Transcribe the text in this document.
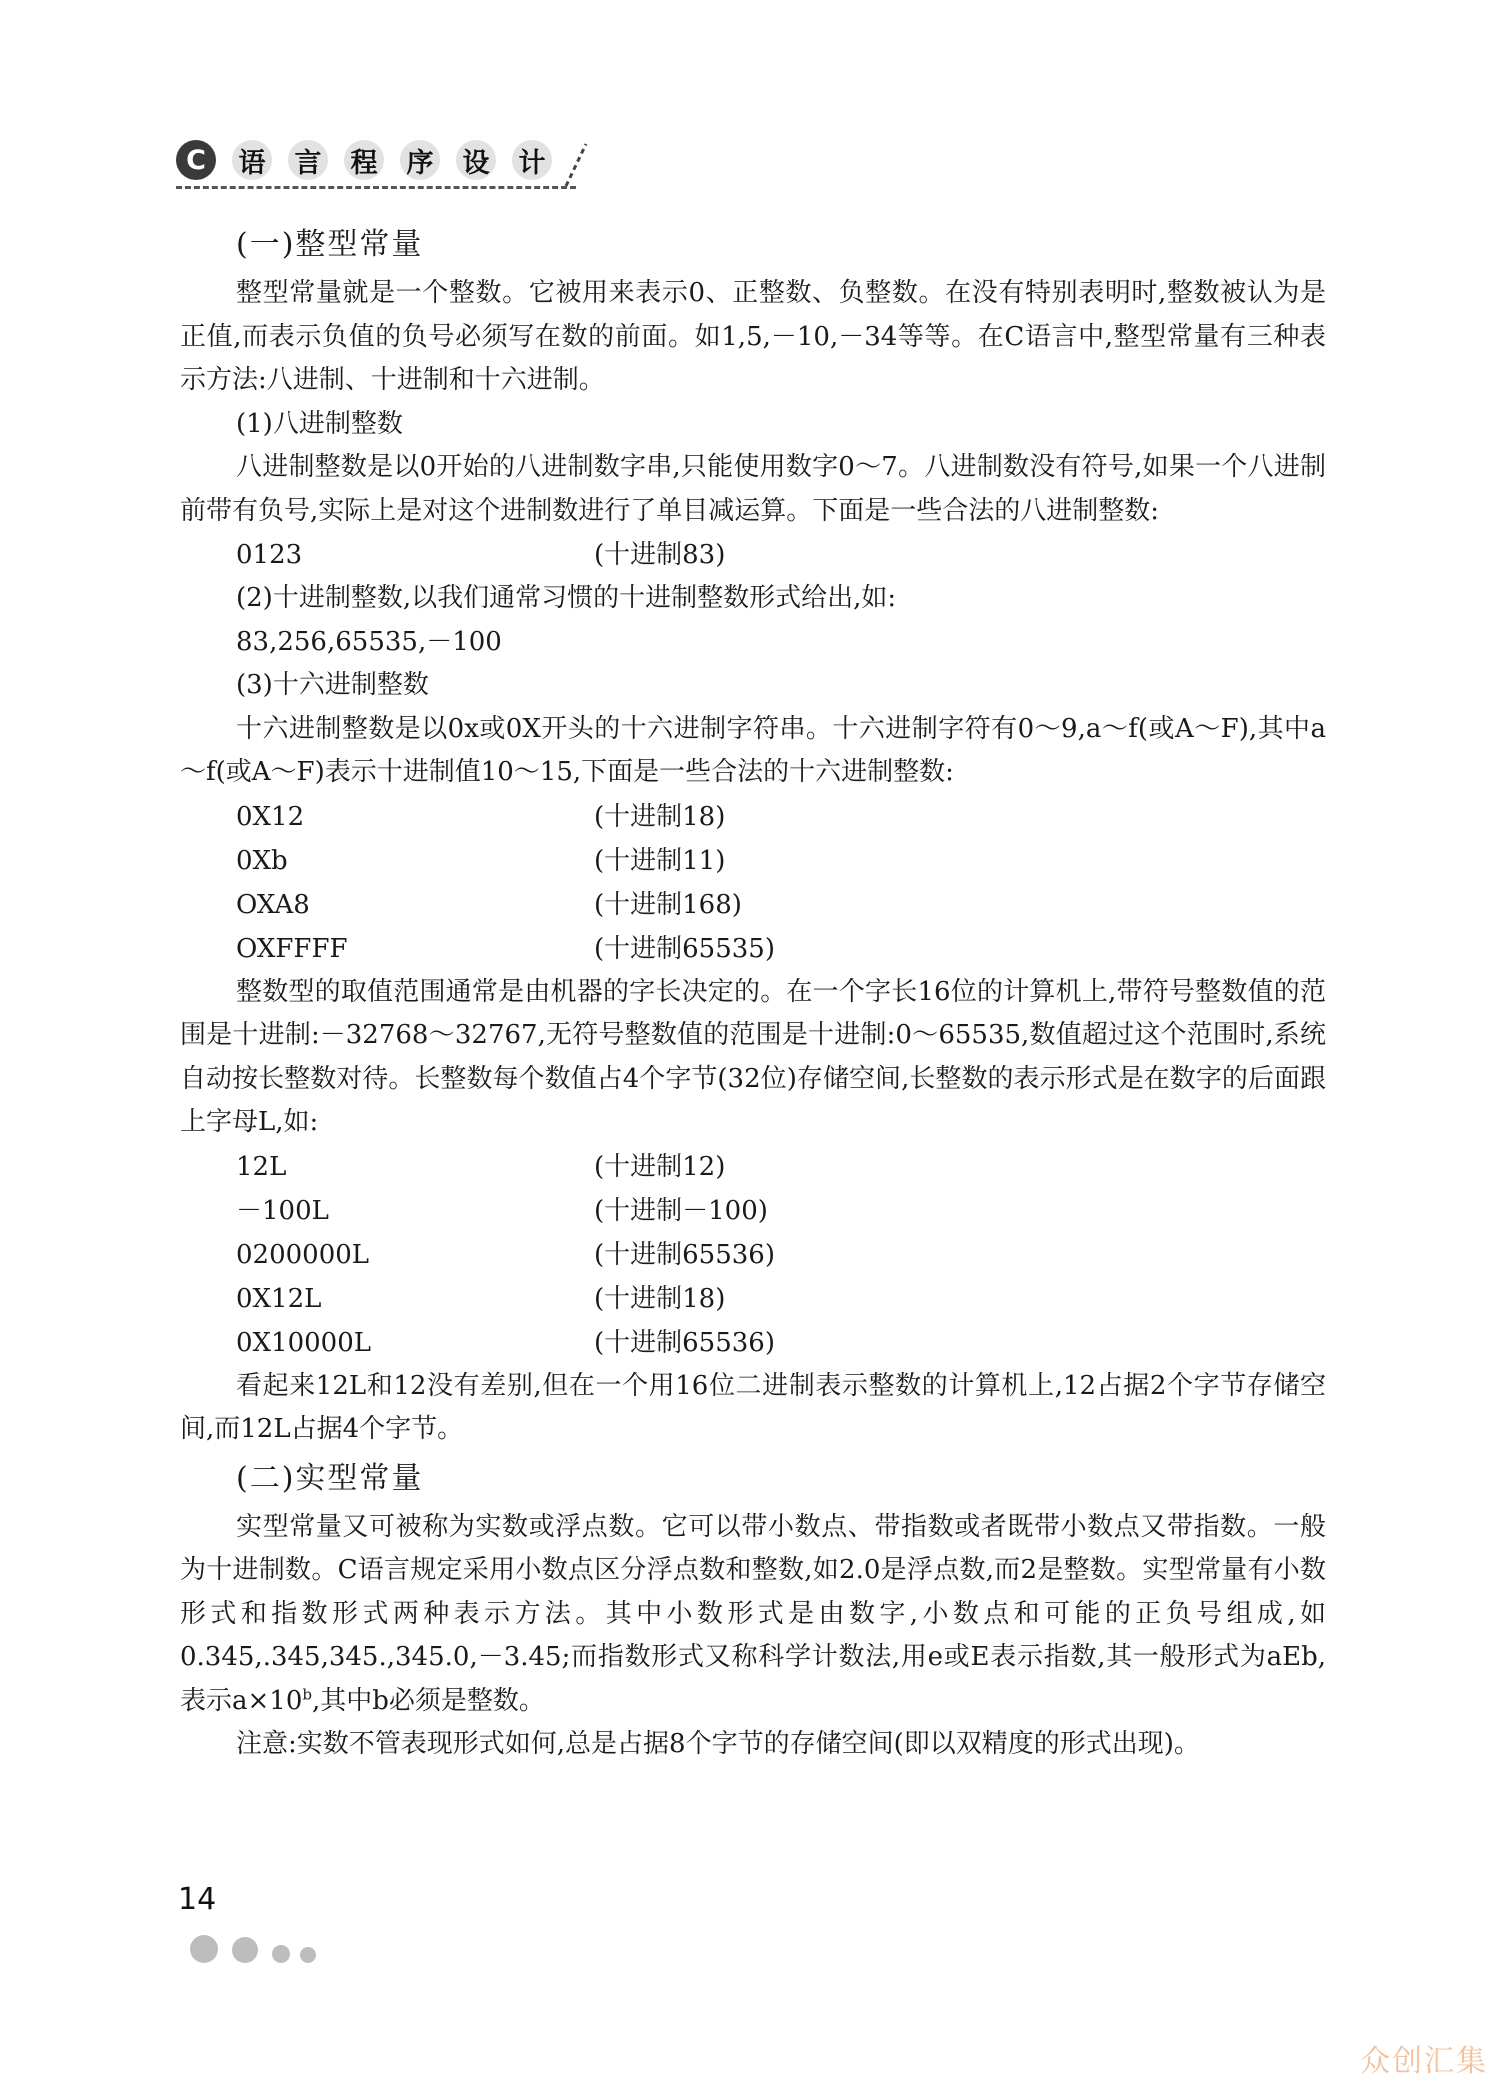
C	语 言 程 序 设 计
(一)整型常量

整型常量就是一个整数。它被用来表示0、正整数、负整数。在没有特别表明时,整数被认为是正值,而表示负值的负号必须写在数的前面。如1,5,－10,－34等等。在C语言中,整型常量有三种表示方法:八进制、十进制和十六进制。

(1)八进制整数

八进制整数是以0开始的八进制数字串,只能使用数字0～7。八进制数没有符号,如果一个八进制前带有负号,实际上是对这个进制数进行了单目减运算。下面是一些合法的八进制整数:

0123	(十进制83)
(2)十进制整数,以我们通常习惯的十进制整数形式给出,如:
83,256,65535,－100
(3)十六进制整数

十六进制整数是以0x或0X开头的十六进制字符串。十六进制字符有0～9,a～f(或A～F),其中a～f(或A～F)表示十进制值10～15,下面是一些合法的十六进制整数:

0X12	(十进制18)
0Xb	(十进制11)
OXA8	(十进制168)
OXFFFF	(十进制65535)

整数型的取值范围通常是由机器的字长决定的。在一个字长16位的计算机上,带符号整数值的范围是十进制:－32768～32767,无符号整数值的范围是十进制:0～65535,数值超过这个范围时,系统自动按长整数对待。长整数每个数值占4个字节(32位)存储空间,长整数的表示形式是在数字的后面跟上字母L,如:

12L	(十进制12)
－100L	(十进制－100)
0200000L	(十进制65536)
0X12L	(十进制18)
0X10000L	(十进制65536)

看起来12L和12没有差别,但在一个用16位二进制表示整数的计算机上,12占据2个字节存储空间,而12L占据4个字节。

(二)实型常量

实型常量又可被称为实数或浮点数。它可以带小数点、带指数或者既带小数点又带指数。一般为十进制数。C语言规定采用小数点区分浮点数和整数,如2.0是浮点数,而2是整数。实型常量有小数形式和指数形式两种表示方法。其中小数形式是由数字,小数点和可能的正负号组成,如0.345,.345,345.,345.0,－3.45;而指数形式又称科学计数法,用e或E表示指数,其一般形式为aEb,表示$a\times 10^b$,其中b必须是整数。

注意:实数不管表现形式如何,总是占据8个字节的存储空间(即以双精度的形式出现)。

14
众创汇集
